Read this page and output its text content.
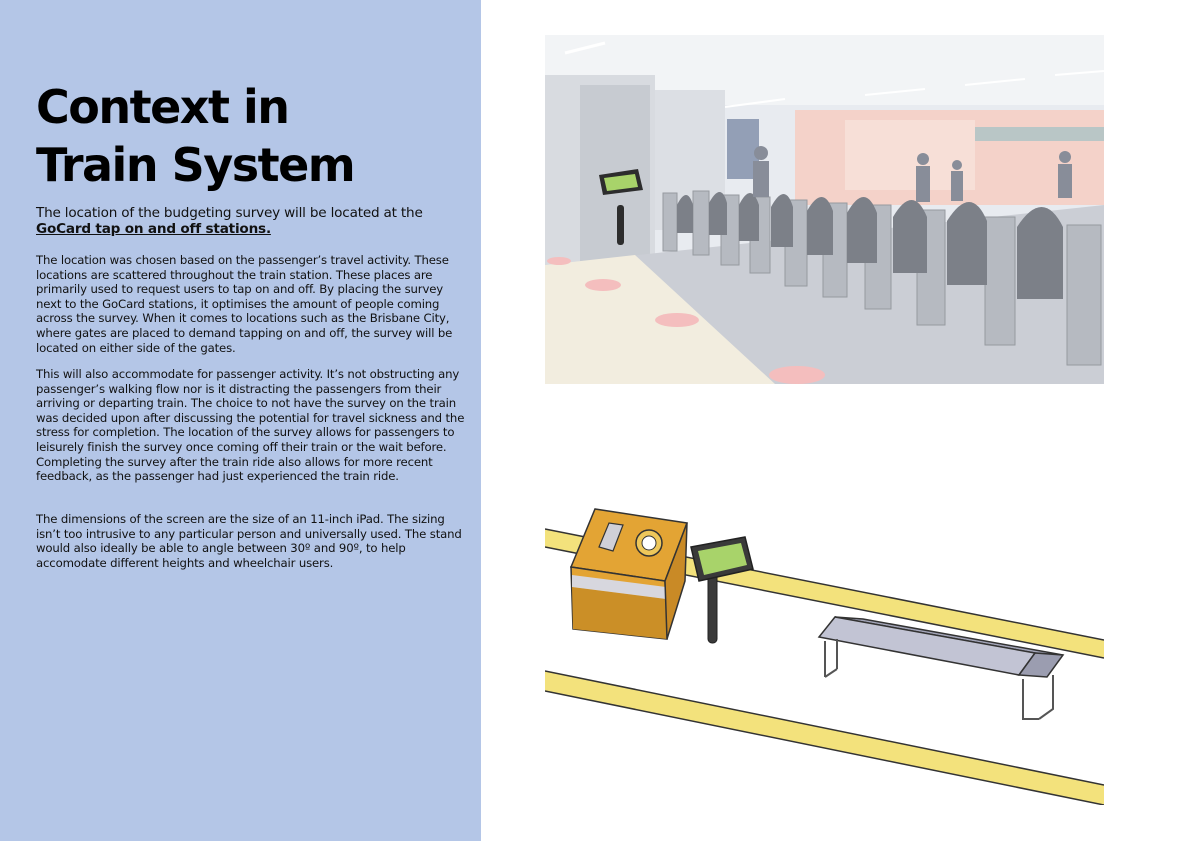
Context in
Train System
The location of the budgeting survey will be located at the
GoCard tap on and off stations.

The location was chosen based on the passenger’s travel activity. These locations are scattered throughout the train station. These places are primarily used to request users to tap on and off. By placing the survey next to the GoCard stations, it optimises the amount of people coming across the survey. When it comes to locations such as the Brisbane City, where gates are placed to demand tapping on and off, the survey will be located on either side of the gates.

This will also accommodate for passenger activity. It’s not obstructing any passenger’s walking flow nor is it distracting the passengers from their arriving or departing train. The choice to not have the survey on the train was decided upon after discussing the potential for travel sickness and the stress for completion. The location of the survey allows for passengers to leisurely finish the survey once coming off their train or the wait before. Completing the survey after the train ride also allows for more recent feedback, as the passenger had just experienced the train ride.

The dimensions of the screen are the size of an 11-inch iPad. The sizing isn’t too intrusive to any particular person and universally used. The stand would also ideally be able to angle between 30º and 90º, to help accomodate different heights and wheelchair users.
